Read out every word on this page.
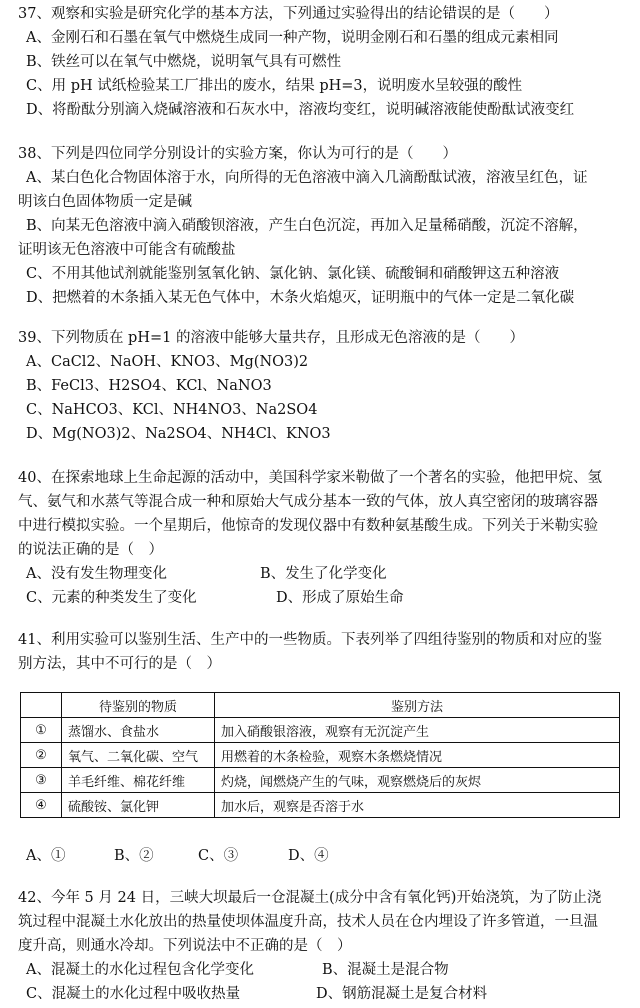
37、观察和实验是研究化学的基本方法，下列通过实验得出的结论错误的是（　　）
A、金刚石和石墨在氧气中燃烧生成同一种产物，说明金刚石和石墨的组成元素相同
B、铁丝可以在氧气中燃烧，说明氧气具有可燃性
C、用 pH 试纸检验某工厂排出的废水，结果 pH=3，说明废水呈较强的酸性
D、将酚酞分别滴入烧碱溶液和石灰水中，溶液均变红，说明碱溶液能使酚酞试液变红
38、下列是四位同学分别设计的实验方案，你认为可行的是（　　）
A、某白色化合物固体溶于水，向所得的无色溶液中滴入几滴酚酞试液，溶液呈红色，证
明该白色固体物质一定是碱
B、向某无色溶液中滴入硝酸钡溶液，产生白色沉淀，再加入足量稀硝酸，沉淀不溶解，
证明该无色溶液中可能含有硫酸盐
C、不用其他试剂就能鉴别氢氧化钠、氯化钠、氯化镁、硫酸铜和硝酸钾这五种溶液
D、把燃着的木条插入某无色气体中，木条火焰熄灭，证明瓶中的气体一定是二氧化碳
39、下列物质在 pH=1 的溶液中能够大量共存，且形成无色溶液的是（　　）
A、CaCl2、NaOH、KNO3、Mg(NO3)2
B、FeCl3、H2SO4、KCl、NaNO3
C、NaHCO3、KCl、NH4NO3、Na2SO4
D、Mg(NO3)2、Na2SO4、NH4Cl、KNO3
40、在探索地球上生命起源的活动中，美国科学家米勒做了一个著名的实验，他把甲烷、氢
气、氨气和水蒸气等混合成一种和原始大气成分基本一致的气体，放人真空密闭的玻璃容器
中进行模拟实验。一个星期后，他惊奇的发现仪器中有数种氨基酸生成。下列关于米勒实验
的说法正确的是（　）
A、没有发生物理变化	B、发生了化学变化
C、元素的种类发生了变化	D、形成了原始生命
41、利用实验可以鉴别生活、生产中的一些物质。下表列举了四组待鉴别的物质和对应的鉴
别方法，其中不可行的是（　）
	待鉴别的物质	鉴别方法
①	蒸馏水、食盐水	加入硝酸银溶液，观察有无沉淀产生
②	氧气、二氧化碳、空气	用燃着的木条检验，观察木条燃烧情况
③	羊毛纤维、棉花纤维	灼烧，闻燃烧产生的气味，观察燃烧后的灰烬
④	硫酸铵、氯化钾	加水后，观察是否溶于水
A、①	B、②	C、③	D、④
42、今年 5 月 24 日，三峡大坝最后一仓混凝土(成分中含有氧化钙)开始浇筑，为了防止浇
筑过程中混凝土水化放出的热量使坝体温度升高，技术人员在仓内埋设了许多管道，一旦温
度升高，则通水冷却。下列说法中不正确的是（　）
A、混凝土的水化过程包含化学变化	B、混凝土是混合物
C、混凝土的水化过程中吸收热量	D、钢筋混凝土是复合材料
